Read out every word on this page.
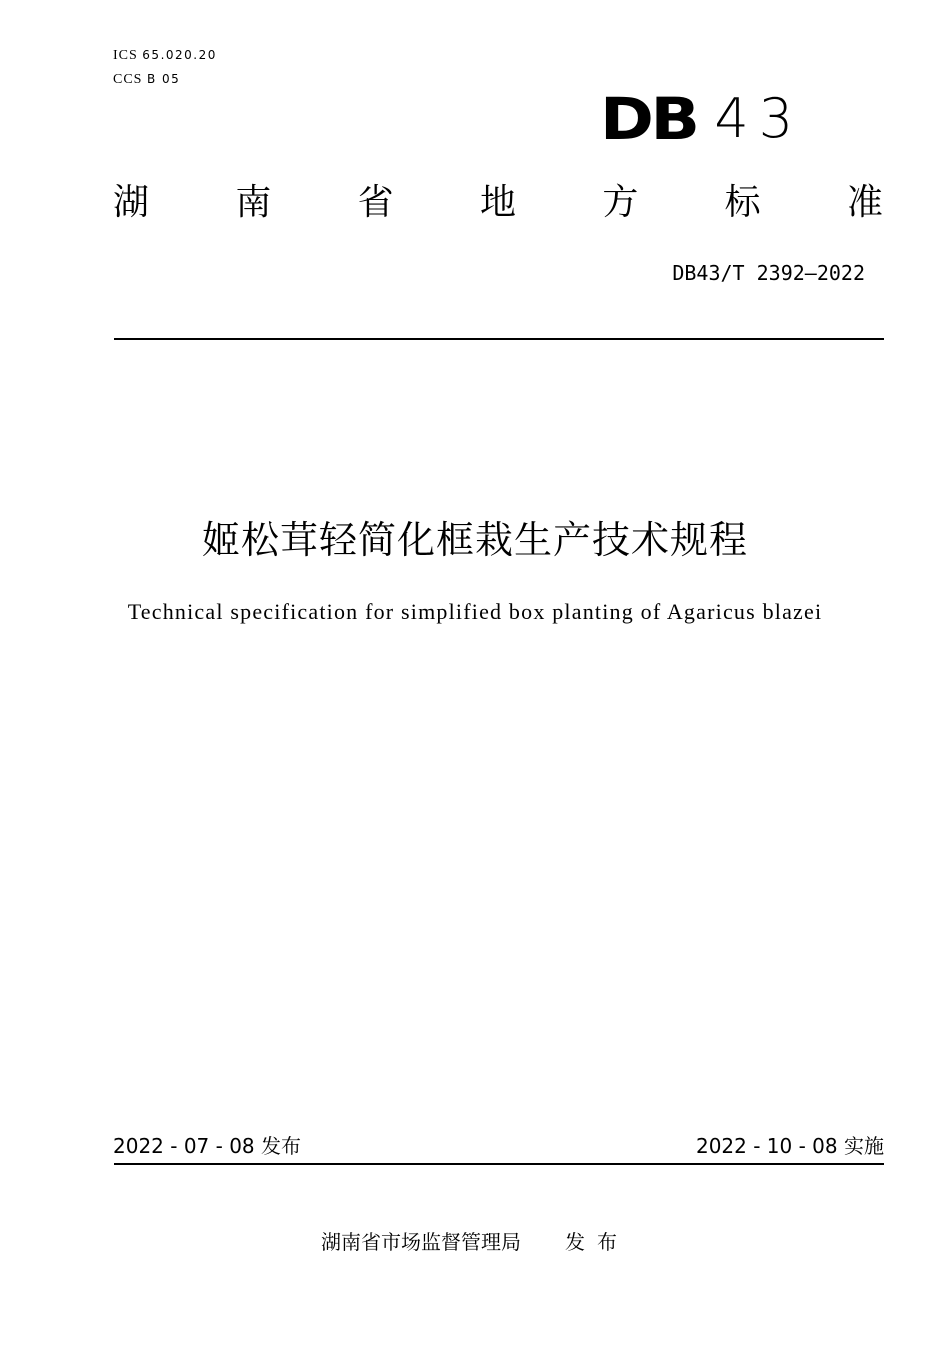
ICS 65.020.20
CCS B 05
DB 43
湖 南 省 地 方 标 准
DB43/T 2392—2022
姬松茸轻简化框栽生产技术规程
Technical specification for simplified box planting of Agaricus blazei
2022 - 07 - 08 发布	2022 - 10 - 08 实施
湖南省市场监督管理局 发布
